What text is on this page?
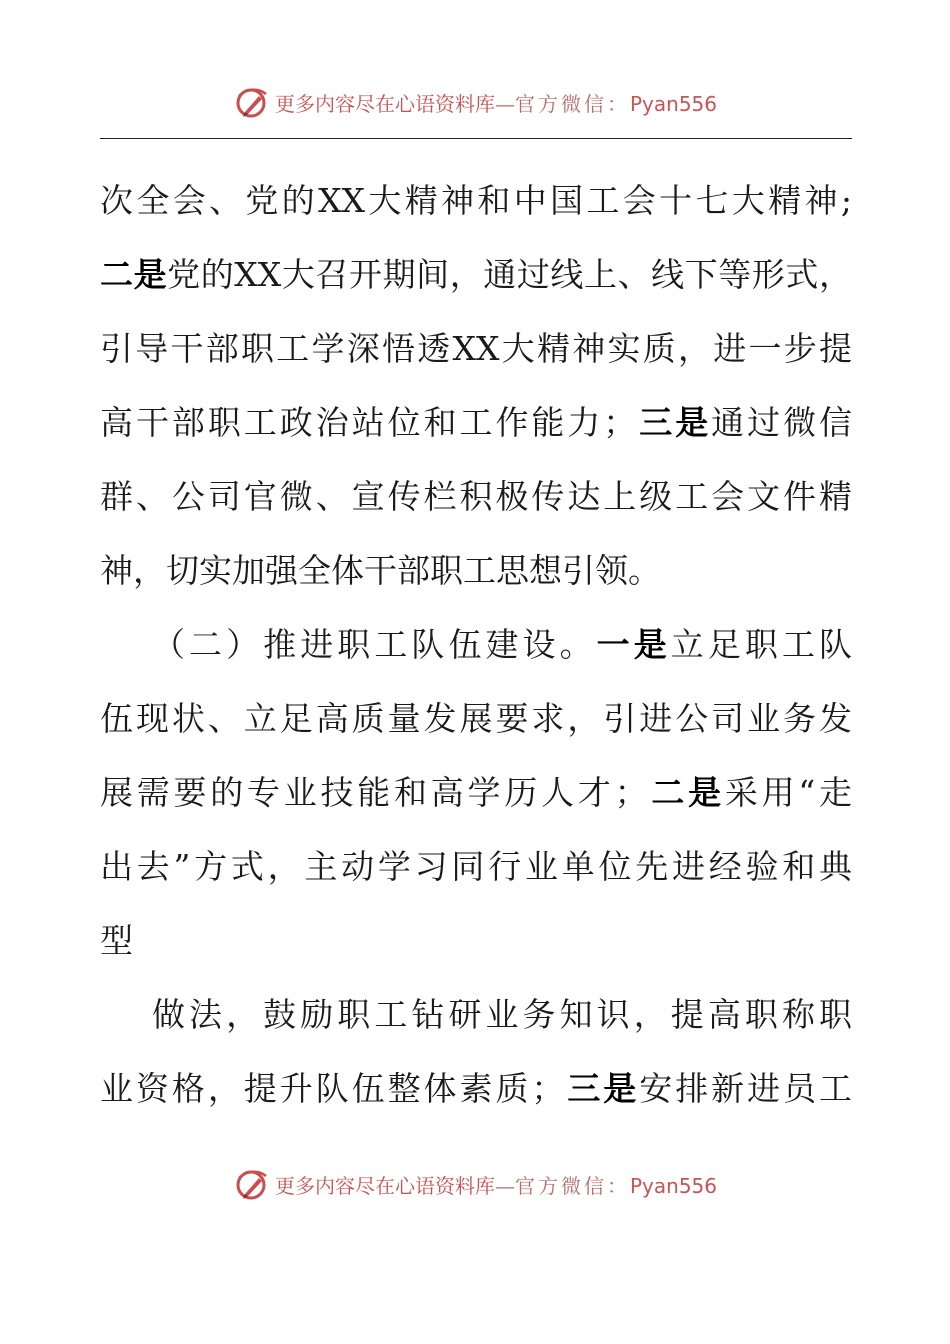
更多内容尽在心语资料库—官方微信：Pyan556
次全会、党的XX大精神和中国工会十七大精神;
二是党的XX大召开期间，通过线上、线下等形式，
引导干部职工学深悟透XX大精神实质，进一步提
高干部职工政治站位和工作能力；三是通过微信
群、公司官微、宣传栏积极传达上级工会文件精
神，切实加强全体干部职工思想引领。
（二）推进职工队伍建设。一是立足职工队
伍现状、立足高质量发展要求，引进公司业务发
展需要的专业技能和高学历人才；二是采用“走
出去”方式，主动学习同行业单位先进经验和典
型
做法，鼓励职工钻研业务知识，提高职称职
业资格，提升队伍整体素质；三是安排新进员工
更多内容尽在心语资料库—官方微信：Pyan556
